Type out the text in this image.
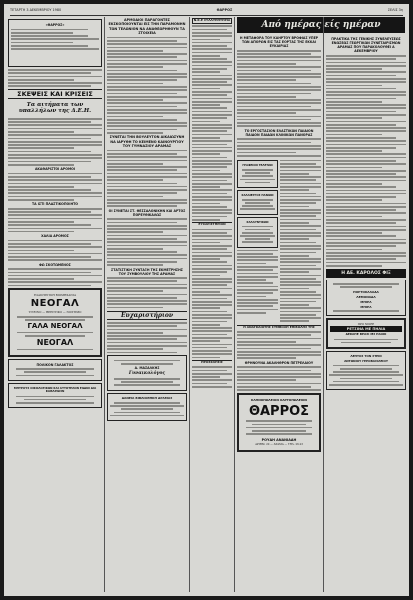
ΤΕΤΑΡΤΗ 3 ΔΕΚΕΜΒΡΙΟΥ 1980	ΘΑΡΡΟΣ	ΣΕΛΙΣ 3η
«ΘΑΡΡΟΣ»
ΣΚΕΨΕΙΣ ΚΑΙ ΚΡΙΣΕΙΣ
Τα αιτήματα των υπαλλήλων της Δ.Ε.Η.
ΑΚΑΘΑΡΙΣΤΟΙ ΔΡΟΜΟΙ
ΤΑ ΙΣΤΙ ΠΛΑΣΤΙΚΟΠΟΙΗΤΟ
ΧΑΛΙΑ ΔΡΟΜΟΣ
ΦΩ ΣΚΟΤΩΜΕΝΟΣ
ΕΛΑΙΟΥΡΓΙΚΗ ΒΙΟΜΗΧΑΝΙΑ
ΝΕΟΓΑΛ
ΥΓΙΕΙΝΟ — ΘΡΕΠΤΙΚΟ — ΝΟΣΤΙΜΟ
ΓΑΛΑ ΝΕΟΓΑΛ
ΝΕΟΓΑΛ
ΠΟΛΙΚΟΝ ΓΑΛΑΚΤΟΣ
ΜΗΤΡΟΥΣ ΟΙΚΟΛΟΓΙΚΩΝ ΚΑΙ ΑΥΤΟΤΕΛΟΝ ΕΙΔΩΝ ΔΙΑ ΚΑΘΑΡΩΣΙΝ
ΑΡΜΟΔΙΟΙ ΠΑΡΑΓΟΝΤΕΣ ΕΚΣΚΟΠΟΙΟΥΝΤΑΙ ΕΙΣ ΤΗΝ ΠΑΡΑΜΟΝΗΝ ΤΩΝ ΤΕΛΩΝΙΟΝ ΝΑ ΑΝΑΘΕΩΡΗΘΟΥΝ ΤΑ ΣΤΟΙΧΕΙΑ
ΣΥΝΕΤΑΙ ΤΗΝ ΒΟΥΛΕΥΤΟΝ ΑΙΚΑΙΩΣΥΝΗ ΝΑ ΙΔΡΥΘΗ ΤΟ ΚΕΙΜΕΝΟ ΚΑΙΝΟΥΡΓΙΟΥ ΤΟΥ ΓΥΜΝΑΣΙΟΥ ΔΡΑΜΑΣ
ΟΙ ΣΥΝΕΤΑΙ ΣΤ. ΘΕΣΣΑΛΟΝΙΚΗΝ ΚΑΙ ΑΡΤΟΣ ΠΟΡΕΥΘΙΚΑΛΩΣ
ΣΤΑΤΙΣΤΙΚΗ ΣΥΝΤΑΞΗ ΤΗΣ ΕΚΜΕΤΡΗΣΗΣ ΤΟΥ ΣΥΜΒΟΥΛΙΟΥ ΤΗΣ ΔΡΑΜΑΣ
Ευχαριστήριον
Α. ΜΑΣΑΛΚΗΣ
Γυναικολόγος
ΔΑΝΕΙΑ ΒΙΒΛΙΟΘΗΚΗ ΔΡΑΜΑΣ
Ν.Κ.Ε ΣΥΛΛΥΠΗΤΗΡΙΑ
ΕΥΧΑΡΙΣΤΗΡΙΟΝ
ΠΡΟΣΚΛΗΣΙΣ
Από ημέρας είς ημέραν
Η ΜΕΤΑΦΟΡΑ ΤΟΥ ΚΑΗΡΤΟΥ ΒΡΟΦΙΑΣ ΥΠΕΡ ΤΩΝ ΑΠΟΡΩΝ ΕΙΣ ΤΑΣ ΕΟΡΤΑΣ ΤΗΣ ΕΚΚΑΙ ΕΥΚΑΙΡΙΑΣ
ΤΟ ΕΡΓΟΣΤΑΣΙΟΝ ΕΛΑΣΤΙΚΩΝ ΠΑΙΔΙΟΝ ΠΑΙΔΟΝ ΠΑΙΔΩΝ ΚΛΙΝΙΚΩΝ ΠΑΝΟΡΑΣ
ΓΡΑΦΕΙΟΝ ΤΕΛΕΤΩΝ
ΚΑΛΛΙΕΡΓΟΣ ΠΑΝΙΩΝ
ΚΑΛΛΥΝΤΙΚΩΝ
Η ΑΝΑΓΚΑΙΟΤΗΣ ΣΥΜΒΟΛΗ ΕΠΙΒΟΛΗΣ ΤΗΣ
ΘΡΗΝΟΥΝΑ ΑΚΑΛΗΘΡΟΝ ΠΕΤΡΕΛΑΙΟΥ
ΚΑΠΝΟΠΩΛΕΙΟΝ ΧΑΡΤΟΠΩΛΕΙΟΝ
ΘΑΡΡΟΣ
ΡΟΥΔΗ ΑΝΑΝΙΑΔΗ
ΑΡΙΘΜ. 20 — ΔΡΑΜΑ — ΤΗΛ. 26-23
ΠΡΑΚΤΙΚΑ ΤΗΣ ΓΕΝΙΚΗΣ ΣΥΝΕΛΕΥΣΕΩΣ ΕΝΩΣΕΩΣ ΓΕΩΡΓΙΚΩΝ ΣΥΝΕΤΑΙΡΙΣΜΩΝ ΔΡΑΜΑΣ ΠΟΥ ΠΑΡΑΚΟΛΟΥΘΕΙ Α ΔΕΚΕΜΒΡΙΟΥ
Η ΑΕ. ΚΑΡΟΛΟΣ ΦΙΞ
ΠΟΡΤΟΚΑΛΑΔΑ
ΛΕΜΟΝΑΔΑ
ΜΠΙΡΑ
ΜΠΙΡΑ
ΠΡΟ ΝΙΚΕΕ
ΡΕΤΣΙΝΑ ΜΕ ΠΗΛΙΑ
ΔΕΚΑΠΕ ΒΡΑΣΙ ΜΣ ΠΑΛΚΙ
ΛΕΠΤΟΣ ΤΟΝ ΣΤΕΙΝ
ΑΝΤΩΝΙΟΥ ΓΕΡΟΒΑΣΙΛΕΙΟΥ
